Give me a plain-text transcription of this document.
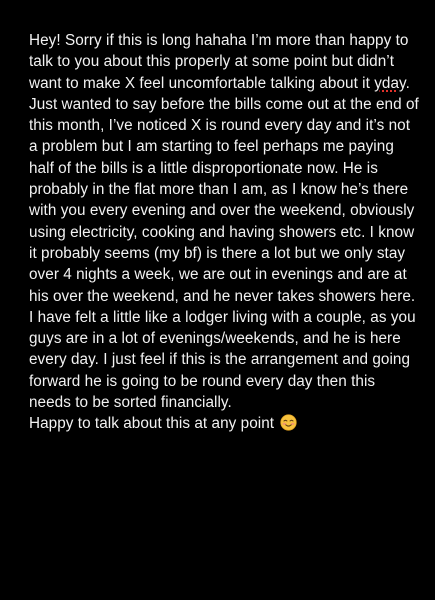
Hey! Sorry if this is long hahaha I’m more than happy to talk to you about this properly at some point but didn’t want to make X feel uncomfortable talking about it yday.

Just wanted to say before the bills come out at the end of this month, I’ve noticed X is round every day and it’s not a problem but I am starting to feel perhaps me paying half of the bills is a little disproportionate now. He is probably in the flat more than I am, as I know he’s there with you every evening and over the weekend, obviously using electricity, cooking and having showers etc. I know it probably seems (my bf) is there a lot but we only stay over 4 nights a week, we are out in evenings and are at his over the weekend, and he never takes showers here.

I have felt a little like a lodger living with a couple, as you guys are in a lot of evenings/weekends, and he is here every day. I just feel if this is the arrangement and going forward he is going to be round every day then this needs to be sorted financially.

Happy to talk about this at any point
